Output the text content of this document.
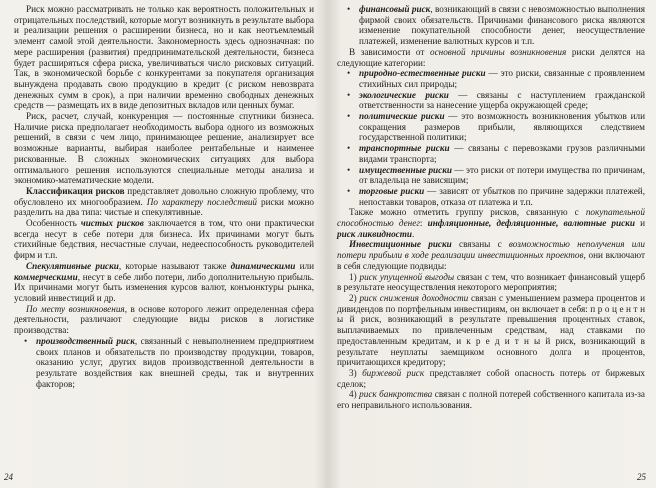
Риск можно рассматривать не только как вероятность положительных и отрицательных последствий, которые могут возникнуть в результате выбора и реализации решения о расширении бизнеса, но и как неотъемлемый элемент самой этой деятельности. Закономерность здесь однозначная: по мере расширения (развития) предпринимательской деятельности, бизнеса будет расширяться сфера риска, увеличиваться число рисковых ситуаций. Так, в экономической борьбе с конкурентами за покупателя организация вынуждена продавать свою продукцию в кредит (с риском невозврата денежных сумм в срок), а при наличии временно свободных денежных средств — размещать их в виде депозитных вкладов или ценных бумаг.

Риск, расчет, случай, конкуренция — постоянные спутники бизнеса. Наличие риска предполагает необходимость выбора одного из возможных решений, в связи с чем лицо, принимающее решение, анализирует все возможные варианты, выбирая наиболее рентабельные и наименее рискованные. В сложных экономических ситуациях для выбора оптимального решения используются специальные методы анализа и экономико-математические модели.

Классификация рисков представляет довольно сложную проблему, что обусловлено их многообразием. По характеру последствий риски можно разделить на два типа: чистые и спекулятивные.

Особенность чистых рисков заключается в том, что они практически всегда несут в себе потери для бизнеса. Их причинами могут быть стихийные бедствия, несчастные случаи, недееспособность руководителей фирм и т.п.

Спекулятивные риски, которые называют также динамическими или коммерческими, несут в себе либо потери, либо дополнительную прибыль. Их причинами могут быть изменения курсов валют, конъюнктуры рынка, условий инвестиций и др.

По месту возникновения, в основе которого лежит определенная сфера деятельности, различают следующие виды рисков в логистике производства:

• производственный риск, связанный с невыполнением предприятием своих планов и обязательств по производству продукции, товаров, оказанию услуг, других видов производственной деятельности в результате воздействия как внешней среды, так и внутренних факторов;
24
• финансовый риск, возникающий в связи с невозможностью выполнения фирмой своих обязательств. Причинами финансового риска являются изменение покупательной способности денег, неосуществление платежей, изменение валютных курсов и т.п.

В зависимости от основной причины возникновения риски делятся на следующие категории:

• природно-естественные риски — это риски, связанные с проявлением стихийных сил природы;
• экологические риски — связаны с наступлением гражданской ответственности за нанесение ущерба окружающей среде;
• политические риски — это возможность возникновения убытков или сокращения размеров прибыли, являющихся следствием государственной политики;
• транспортные риски — связаны с перевозками грузов различными видами транспорта;
• имущественные риски — это риски от потери имущества по причинам, от владельца не зависящим;
• торговые риски — зависят от убытков по причине задержки платежей, непоставки товаров, отказа от платежа и т.п.

Также можно отметить группу рисков, связанную с покупательной способностью денег: инфляционные, дефляционные, валютные риски и риск ликвидности.

Инвестиционные риски связаны с возможностью неполучения или потери прибыли в ходе реализации инвестиционных проектов, они включают в себя следующие подвиды:

1) риск упущенной выгоды связан с тем, что возникает финансовый ущерб в результате неосуществления некоторого мероприятия;

2) риск снижения доходности связан с уменьшением размера процентов и дивидендов по портфельным инвестициям, он включает в себя: п р о ц е н т н ы й риск, возникающий в результате превышения процентных ставок, выплачиваемых по привлеченным средствам, над ставками по предоставленным кредитам, и к р е д и т н ы й риск, возникающий в результате неуплаты заемщиком основного долга и процентов, причитающихся кредитору;

3) биржевой риск представляет собой опасность потерь от биржевых сделок;

4) риск банкротства связан с полной потерей собственного капитала из-за его неправильного использования.

25
